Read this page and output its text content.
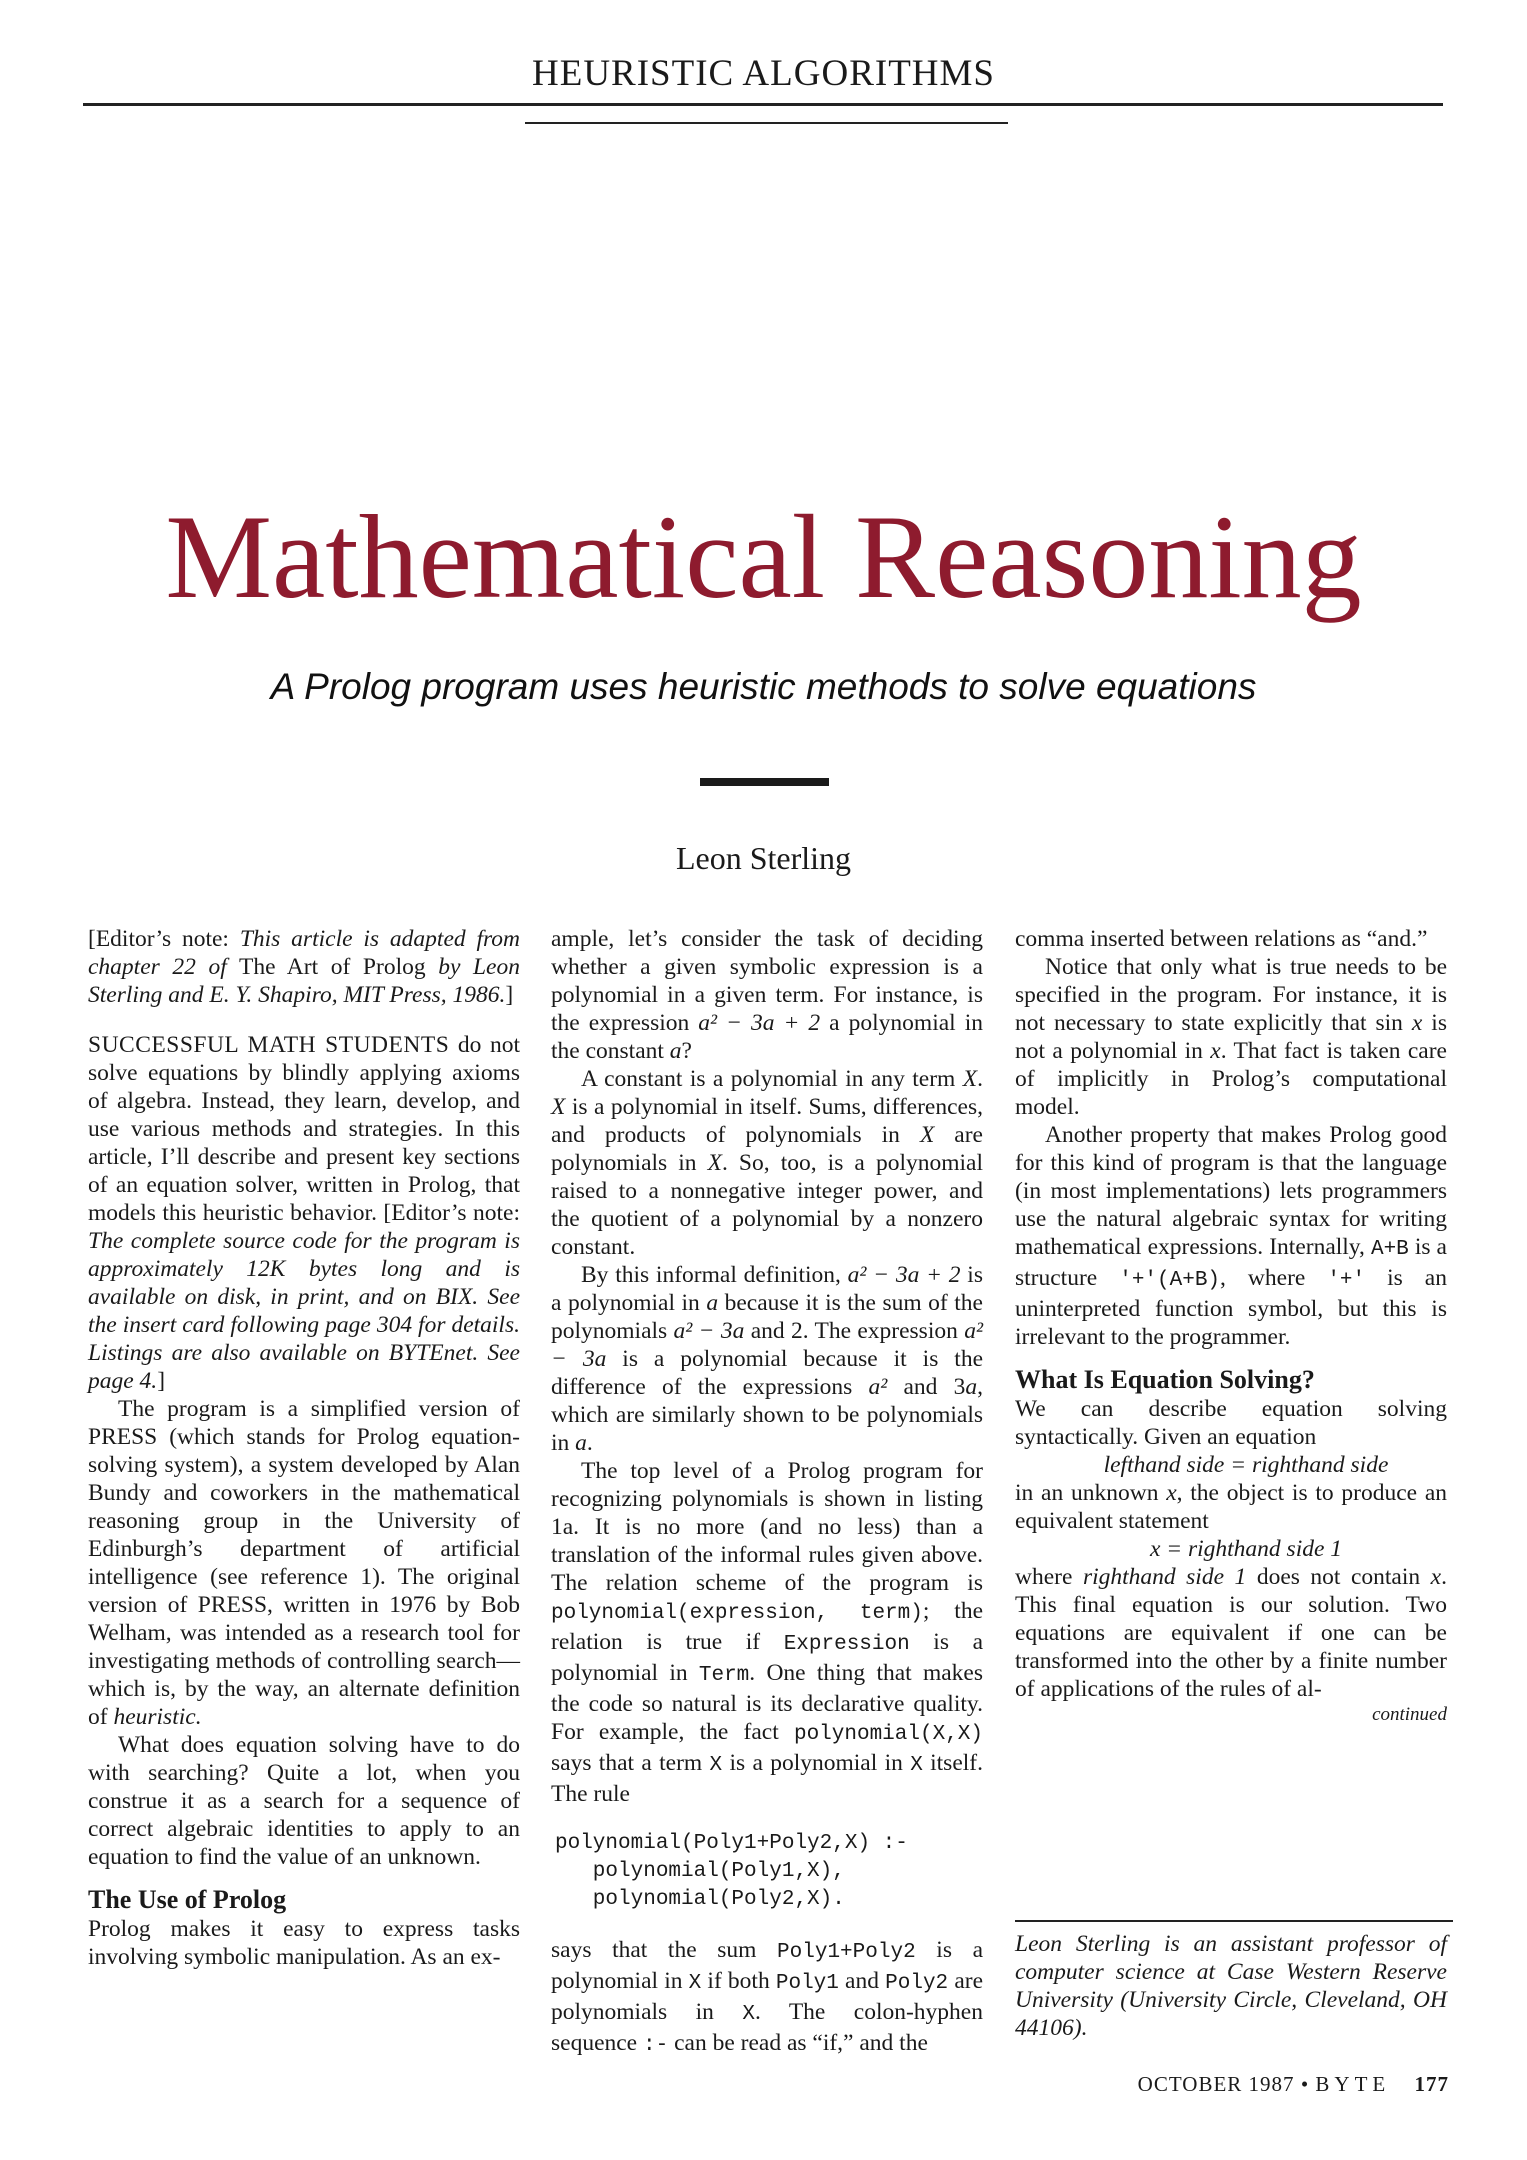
HEURISTIC ALGORITHMS
Mathematical Reasoning
A Prolog program uses heuristic methods to solve equations
Leon Sterling

[Editor’s note: This article is adapted from chapter 22 of The Art of Prolog by Leon Sterling and E. Y. Shapiro, MIT Press, 1986.]

SUCCESSFUL MATH STUDENTS do not solve equations by blindly applying axioms of algebra. Instead, they learn, develop, and use various methods and strategies. In this article, I’ll describe and present key sections of an equation solver, written in Prolog, that models this heuristic behavior. [Editor’s note: The complete source code for the program is approximately 12K bytes long and is available on disk, in print, and on BIX. See the insert card following page 304 for details. Listings are also available on BYTEnet. See page 4.]

The program is a simplified version of PRESS (which stands for Prolog equation-solving system), a system developed by Alan Bundy and coworkers in the mathematical reasoning group in the University of Edinburgh’s department of artificial intelligence (see reference 1). The original version of PRESS, written in 1976 by Bob Welham, was intended as a research tool for investigating methods of controlling search—which is, by the way, an alternate definition of heuristic.

What does equation solving have to do with searching? Quite a lot, when you construe it as a search for a sequence of correct algebraic identities to apply to an equation to find the value of an unknown.

The Use of Prolog

Prolog makes it easy to express tasks involving symbolic manipulation. As an ex-

ample, let’s consider the task of deciding whether a given symbolic expression is a polynomial in a given term. For instance, is the expression a² − 3a + 2 a polynomial in the constant a?

A constant is a polynomial in any term X. X is a polynomial in itself. Sums, differences, and products of polynomials in X are polynomials in X. So, too, is a polynomial raised to a nonnegative integer power, and the quotient of a polynomial by a nonzero constant.

By this informal definition, a² − 3a + 2 is a polynomial in a because it is the sum of the polynomials a² − 3a and 2. The expression a² − 3a is a polynomial because it is the difference of the expressions a² and 3a, which are similarly shown to be polynomials in a.

The top level of a Prolog program for recognizing polynomials is shown in listing 1a. It is no more (and no less) than a translation of the informal rules given above. The relation scheme of the program is polynomial(expression, term); the relation is true if Expression is a polynomial in Term. One thing that makes the code so natural is its declarative quality. For example, the fact polynomial(X,X) says that a term X is a polynomial in X itself. The rule

polynomial(Poly1+Poly2,X) :-
polynomial(Poly1,X),
polynomial(Poly2,X).

says that the sum Poly1+Poly2 is a polynomial in X if both Poly1 and Poly2 are polynomials in X. The colon-hyphen sequence :- can be read as “if,” and the

comma inserted between relations as “and.”

Notice that only what is true needs to be specified in the program. For instance, it is not necessary to state explicitly that sin x is not a polynomial in x. That fact is taken care of implicitly in Prolog’s computational model.

Another property that makes Prolog good for this kind of program is that the language (in most implementations) lets programmers use the natural algebraic syntax for writing mathematical expressions. Internally, A+B is a structure '+'(A+B), where '+' is an uninterpreted function symbol, but this is irrelevant to the programmer.

What Is Equation Solving?

We can describe equation solving syntactically. Given an equation

lefthand side = righthand side

in an unknown x, the object is to produce an equivalent statement

x = righthand side 1

where righthand side 1 does not contain x. This final equation is our solution. Two equations are equivalent if one can be transformed into the other by a finite number of applications of the rules of al-

continued
Leon Sterling is an assistant professor of computer science at Case Western Reserve University (University Circle, Cleveland, OH 44106).
OCTOBER 1987 • BYTE 177
